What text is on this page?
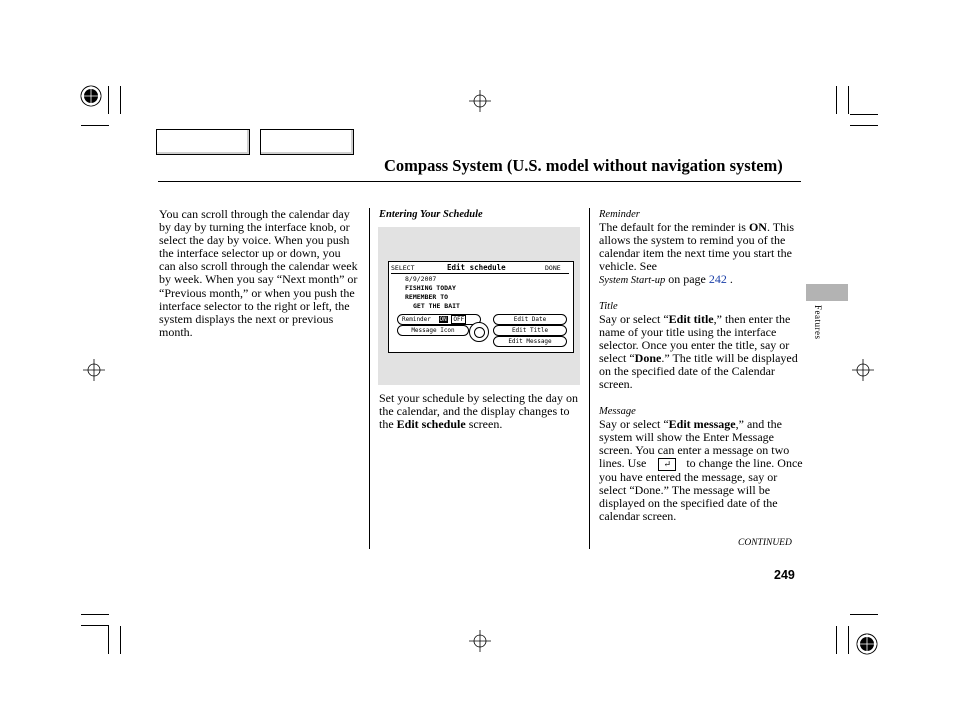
Compass System (U.S. model without navigation system)
Features
You can scroll through the calendar day by day by turning the interface knob, or select the day by voice. When you push the interface selector up or down, you can also scroll through the calendar week by week. When you say “Next month” or “Previous month,” or when you push the interface selector to the right or left, the system displays the next or previous month.
Entering Your Schedule
SELECT	Edit schedule	DONE
8/9/2007
FISHING TODAY
REMEMBER TO
GET THE BAIT
Reminder ON OFF	Edit Date
Message Icon	Edit Title
Edit Message
Set your schedule by selecting the day on the calendar, and the display changes to the Edit schedule screen.
Reminder
The default for the reminder is ON. This allows the system to remind you of the calendar item the next time you start the vehicle. See
System Start-up on page 242 .
Title
Say or select “Edit title,” then enter the name of your title using the interface selector. Once you enter the title, say or select “Done.” The title will be displayed on the specified date of the Calendar screen.
Message
Say or select “Edit message,” and the system will show the Enter Message screen. You can enter a message on two lines. Use ↵ to change the line. Once you have entered the message, say or select “Done.” The message will be displayed on the specified date of the calendar screen.
CONTINUED
249
